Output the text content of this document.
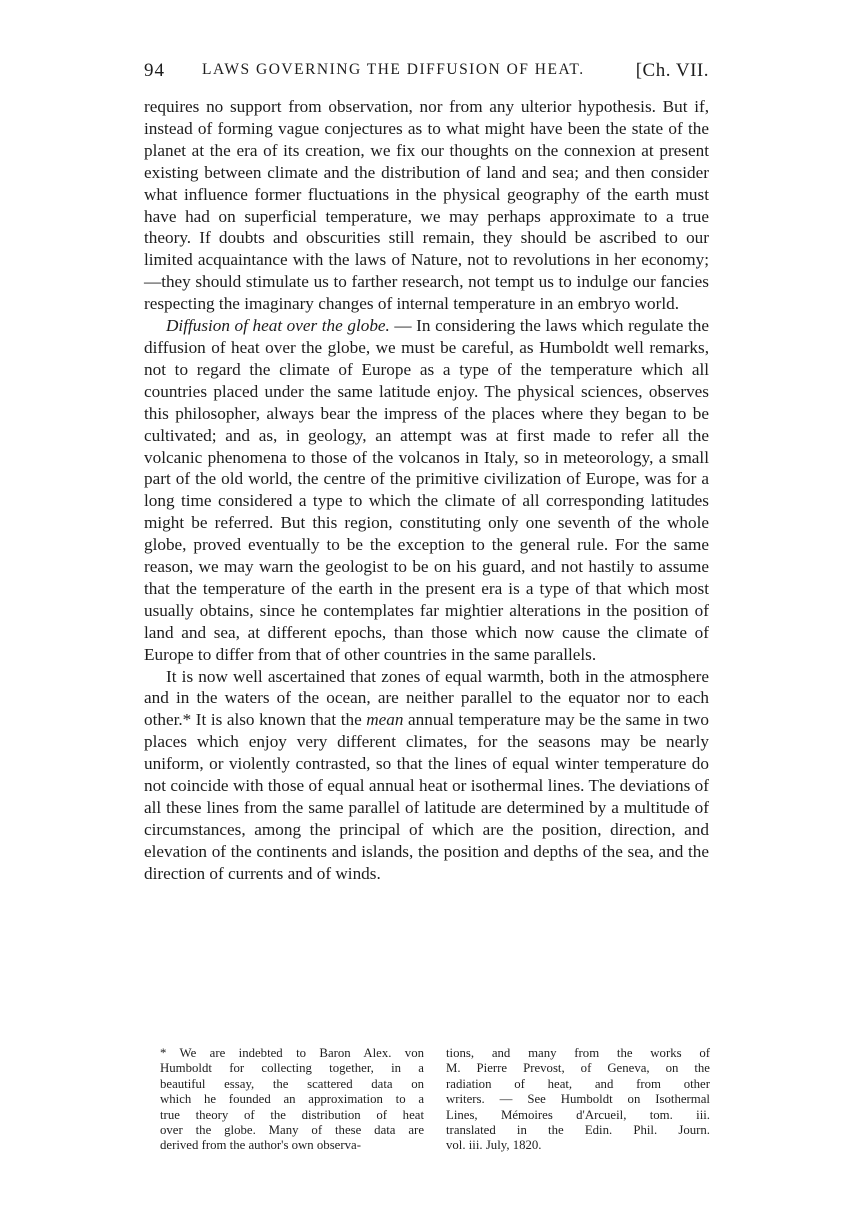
94 LAWS GOVERNING THE DIFFUSION OF HEAT.	[Ch. VII.

requires no support from observation, nor from any ulterior hypothesis. But if, instead of forming vague conjectures as to what might have been the state of the planet at the era of its creation, we fix our thoughts on the connexion at present existing between climate and the distribution of land and sea; and then consider what influence former fluctuations in the physical geography of the earth must have had on superficial temperature, we may perhaps approximate to a true theory. If doubts and obscurities still remain, they should be ascribed to our limited acquaintance with the laws of Nature, not to revolutions in her economy;—they should stimulate us to farther research, not tempt us to indulge our fancies respecting the imaginary changes of internal temperature in an embryo world.

Diffusion of heat over the globe. — In considering the laws which regulate the diffusion of heat over the globe, we must be careful, as Humboldt well remarks, not to regard the climate of Europe as a type of the temperature which all countries placed under the same latitude enjoy. The physical sciences, observes this philosopher, always bear the impress of the places where they began to be cultivated; and as, in geology, an attempt was at first made to refer all the volcanic phenomena to those of the volcanos in Italy, so in meteorology, a small part of the old world, the centre of the primitive civilization of Europe, was for a long time considered a type to which the climate of all corresponding latitudes might be referred. But this region, constituting only one seventh of the whole globe, proved eventually to be the exception to the general rule. For the same reason, we may warn the geologist to be on his guard, and not hastily to assume that the temperature of the earth in the present era is a type of that which most usually obtains, since he contemplates far mightier alterations in the position of land and sea, at different epochs, than those which now cause the climate of Europe to differ from that of other countries in the same parallels.

It is now well ascertained that zones of equal warmth, both in the atmosphere and in the waters of the ocean, are neither parallel to the equator nor to each other.* It is also known that the mean annual temperature may be the same in two places which enjoy very different climates, for the seasons may be nearly uniform, or violently contrasted, so that the lines of equal winter temperature do not coincide with those of equal annual heat or isothermal lines. The deviations of all these lines from the same parallel of latitude are determined by a multitude of circumstances, among the principal of which are the position, direction, and elevation of the continents and islands, the position and depths of the sea, and the direction of currents and of winds.

* We are indebted to Baron Alex. von
Humboldt for collecting together, in a
beautiful essay, the scattered data on
which he founded an approximation to a
true theory of the distribution of heat
over the globe. Many of these data are
derived from the author's own observa-
tions, and many from the works of
M. Pierre Prevost, of Geneva, on the
radiation of heat, and from other
writers. — See Humboldt on Isothermal
Lines, Mémoires d'Arcueil, tom. iii.
translated in the Edin. Phil. Journ.
vol. iii. July, 1820.
